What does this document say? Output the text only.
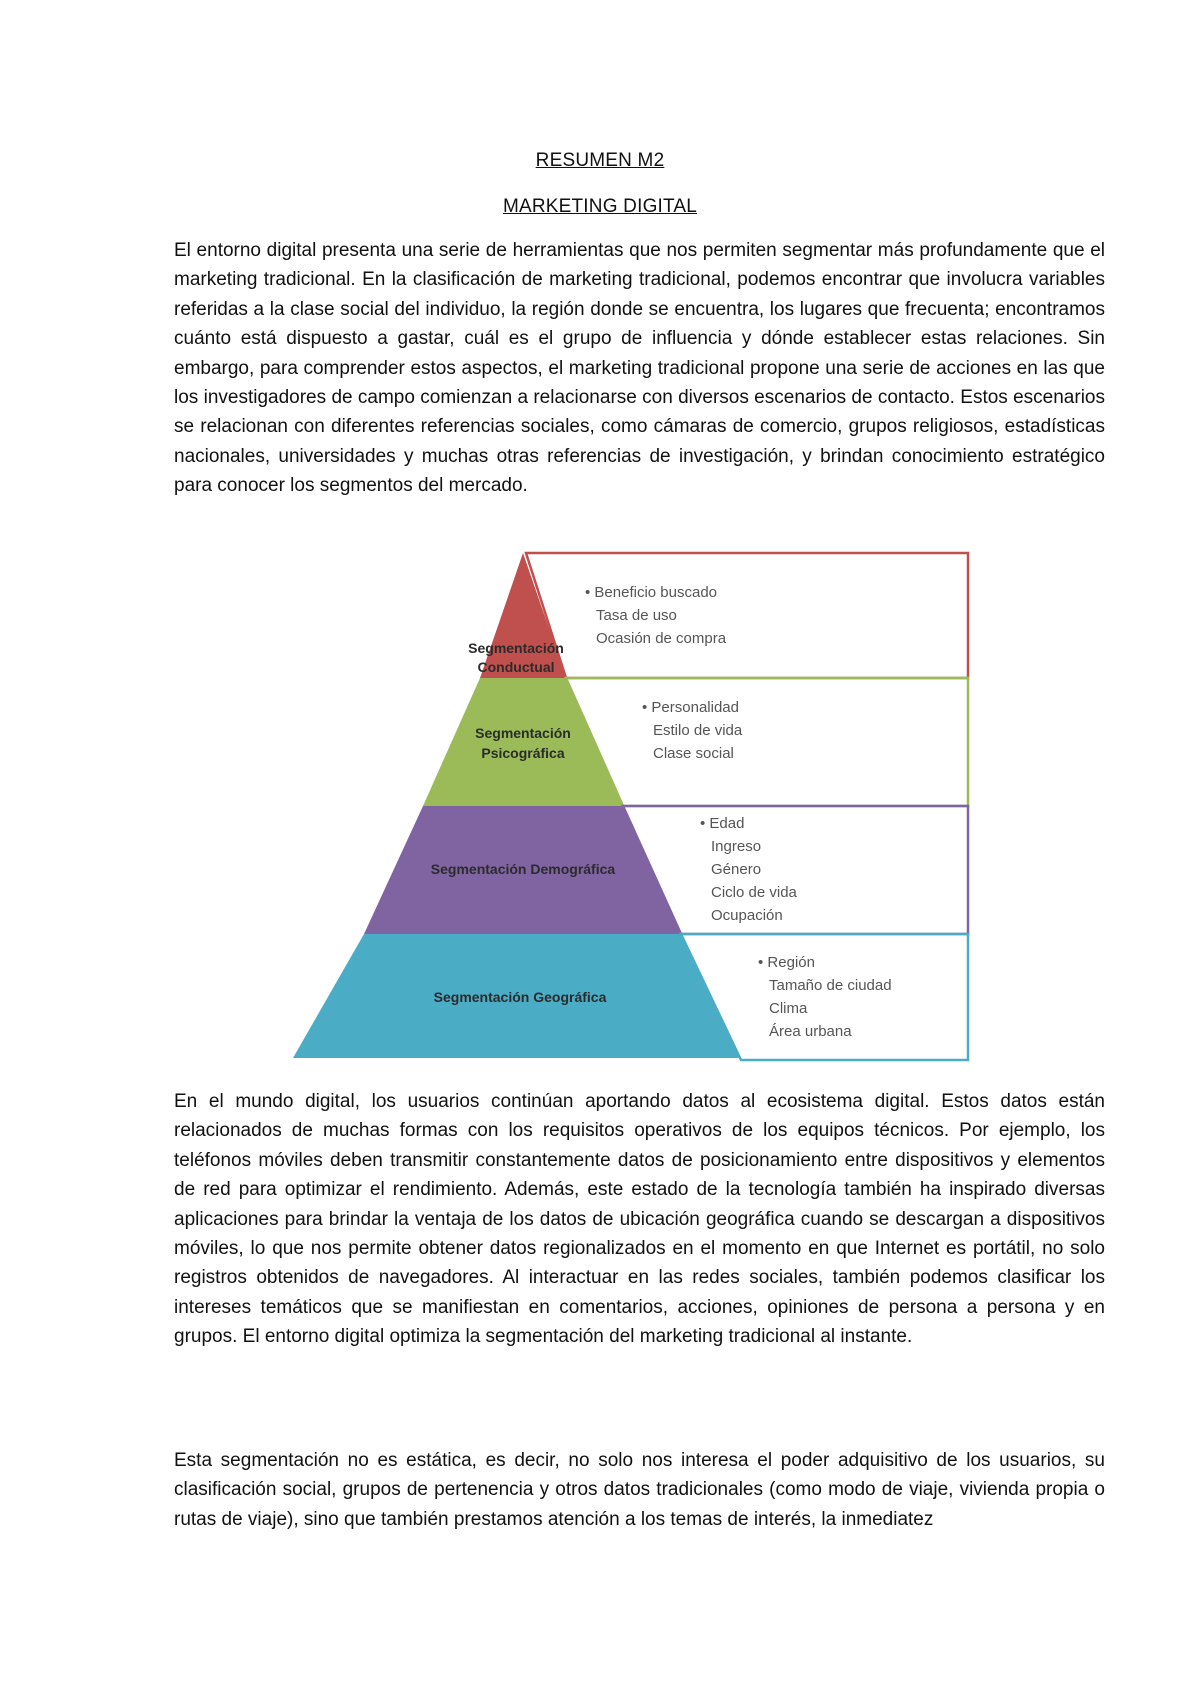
RESUMEN M2
MARKETING DIGITAL

El entorno digital presenta una serie de herramientas que nos permiten segmentar más profundamente que el marketing tradicional. En la clasificación de marketing tradicional, podemos encontrar que involucra variables referidas a la clase social del individuo, la región donde se encuentra, los lugares que frecuenta; encontramos cuánto está dispuesto a gastar, cuál es el grupo de influencia y dónde establecer estas relaciones. Sin embargo, para comprender estos aspectos, el marketing tradicional propone una serie de acciones en las que los investigadores de campo comienzan a relacionarse con diversos escenarios de contacto. Estos escenarios se relacionan con diferentes referencias sociales, como cámaras de comercio, grupos religiosos, estadísticas nacionales, universidades y muchas otras referencias de investigación, y brindan conocimiento estratégico para conocer los segmentos del mercado.

Segmentación
Conductual
Segmentación
Psicográfica
Segmentación Demográfica
Segmentación Geográfica
• Beneficio buscado
Tasa de uso
Ocasión de compra
• Personalidad
Estilo de vida
Clase social
• Edad
Ingreso
Género
Ciclo de vida
Ocupación
• Región
Tamaño de ciudad
Clima
Área urbana

En el mundo digital, los usuarios continúan aportando datos al ecosistema digital. Estos datos están relacionados de muchas formas con los requisitos operativos de los equipos técnicos. Por ejemplo, los teléfonos móviles deben transmitir constantemente datos de posicionamiento entre dispositivos y elementos de red para optimizar el rendimiento. Además, este estado de la tecnología también ha inspirado diversas aplicaciones para brindar la ventaja de los datos de ubicación geográfica cuando se descargan a dispositivos móviles, lo que nos permite obtener datos regionalizados en el momento en que Internet es portátil, no solo registros obtenidos de navegadores. Al interactuar en las redes sociales, también podemos clasificar los intereses temáticos que se manifiestan en comentarios, acciones, opiniones de persona a persona y en grupos. El entorno digital optimiza la segmentación del marketing tradicional al instante.

Esta segmentación no es estática, es decir, no solo nos interesa el poder adquisitivo de los usuarios, su clasificación social, grupos de pertenencia y otros datos tradicionales (como modo de viaje, vivienda propia o rutas de viaje), sino que también prestamos atención a los temas de interés, la inmediatez
